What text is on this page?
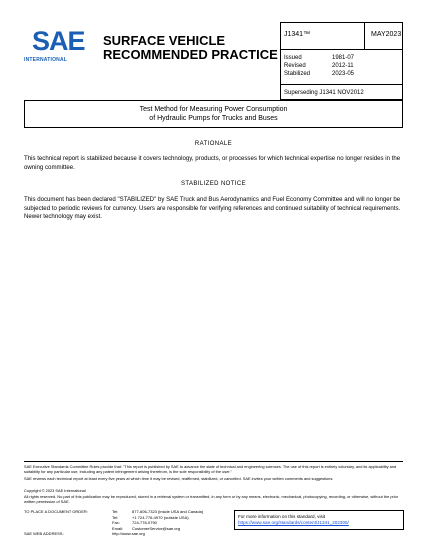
SAE
INTERNATIONAL
SURFACE VEHICLE
RECOMMENDED PRACTICE
J1341™	MAY2023
Issued	1981-07
Revised	2012-11
Stabilized	2023-05
Superseding J1341 NOV2012
Test Method for Measuring Power Consumption
of Hydraulic Pumps for Trucks and Buses
RATIONALE
This technical report is stabilized because it covers technology, products, or processes for which technical expertise no longer resides in the owning committee.
STABILIZED NOTICE
This document has been declared "STABILIZED" by SAE Truck and Bus Aerodynamics and Fuel Economy Committee and will no longer be subjected to periodic reviews for currency. Users are responsible for verifying references and continued suitability of technical requirements. Newer technology may exist.
SAE Executive Standards Committee Rules provide that: "This report is published by SAE to advance the state of technical and engineering sciences. The use of this report is entirely voluntary, and its applicability and suitability for any particular use, including any patent infringement arising therefrom, is the sole responsibility of the user."
SAE reviews each technical report at least every five years at which time it may be revised, reaffirmed, stabilized, or cancelled. SAE invites your written comments and suggestions.
Copyright © 2023 SAE International
All rights reserved. No part of this publication may be reproduced, stored in a retrieval system or transmitted, in any form or by any means, electronic, mechanical, photocopying, recording, or otherwise, without the prior written permission of SAE.
TO PLACE A DOCUMENT ORDER:	Tel:	877-606-7323 (inside USA and Canada)
Tel:	+1 724-776-4970 (outside USA)
Fax:	724-776-0790
Email: CustomerService@sae.org
SAE WEB ADDRESS:	http://www.sae.org
For more information on this standard, visit
https://www.sae.org/standards/content/J1341_202305/
